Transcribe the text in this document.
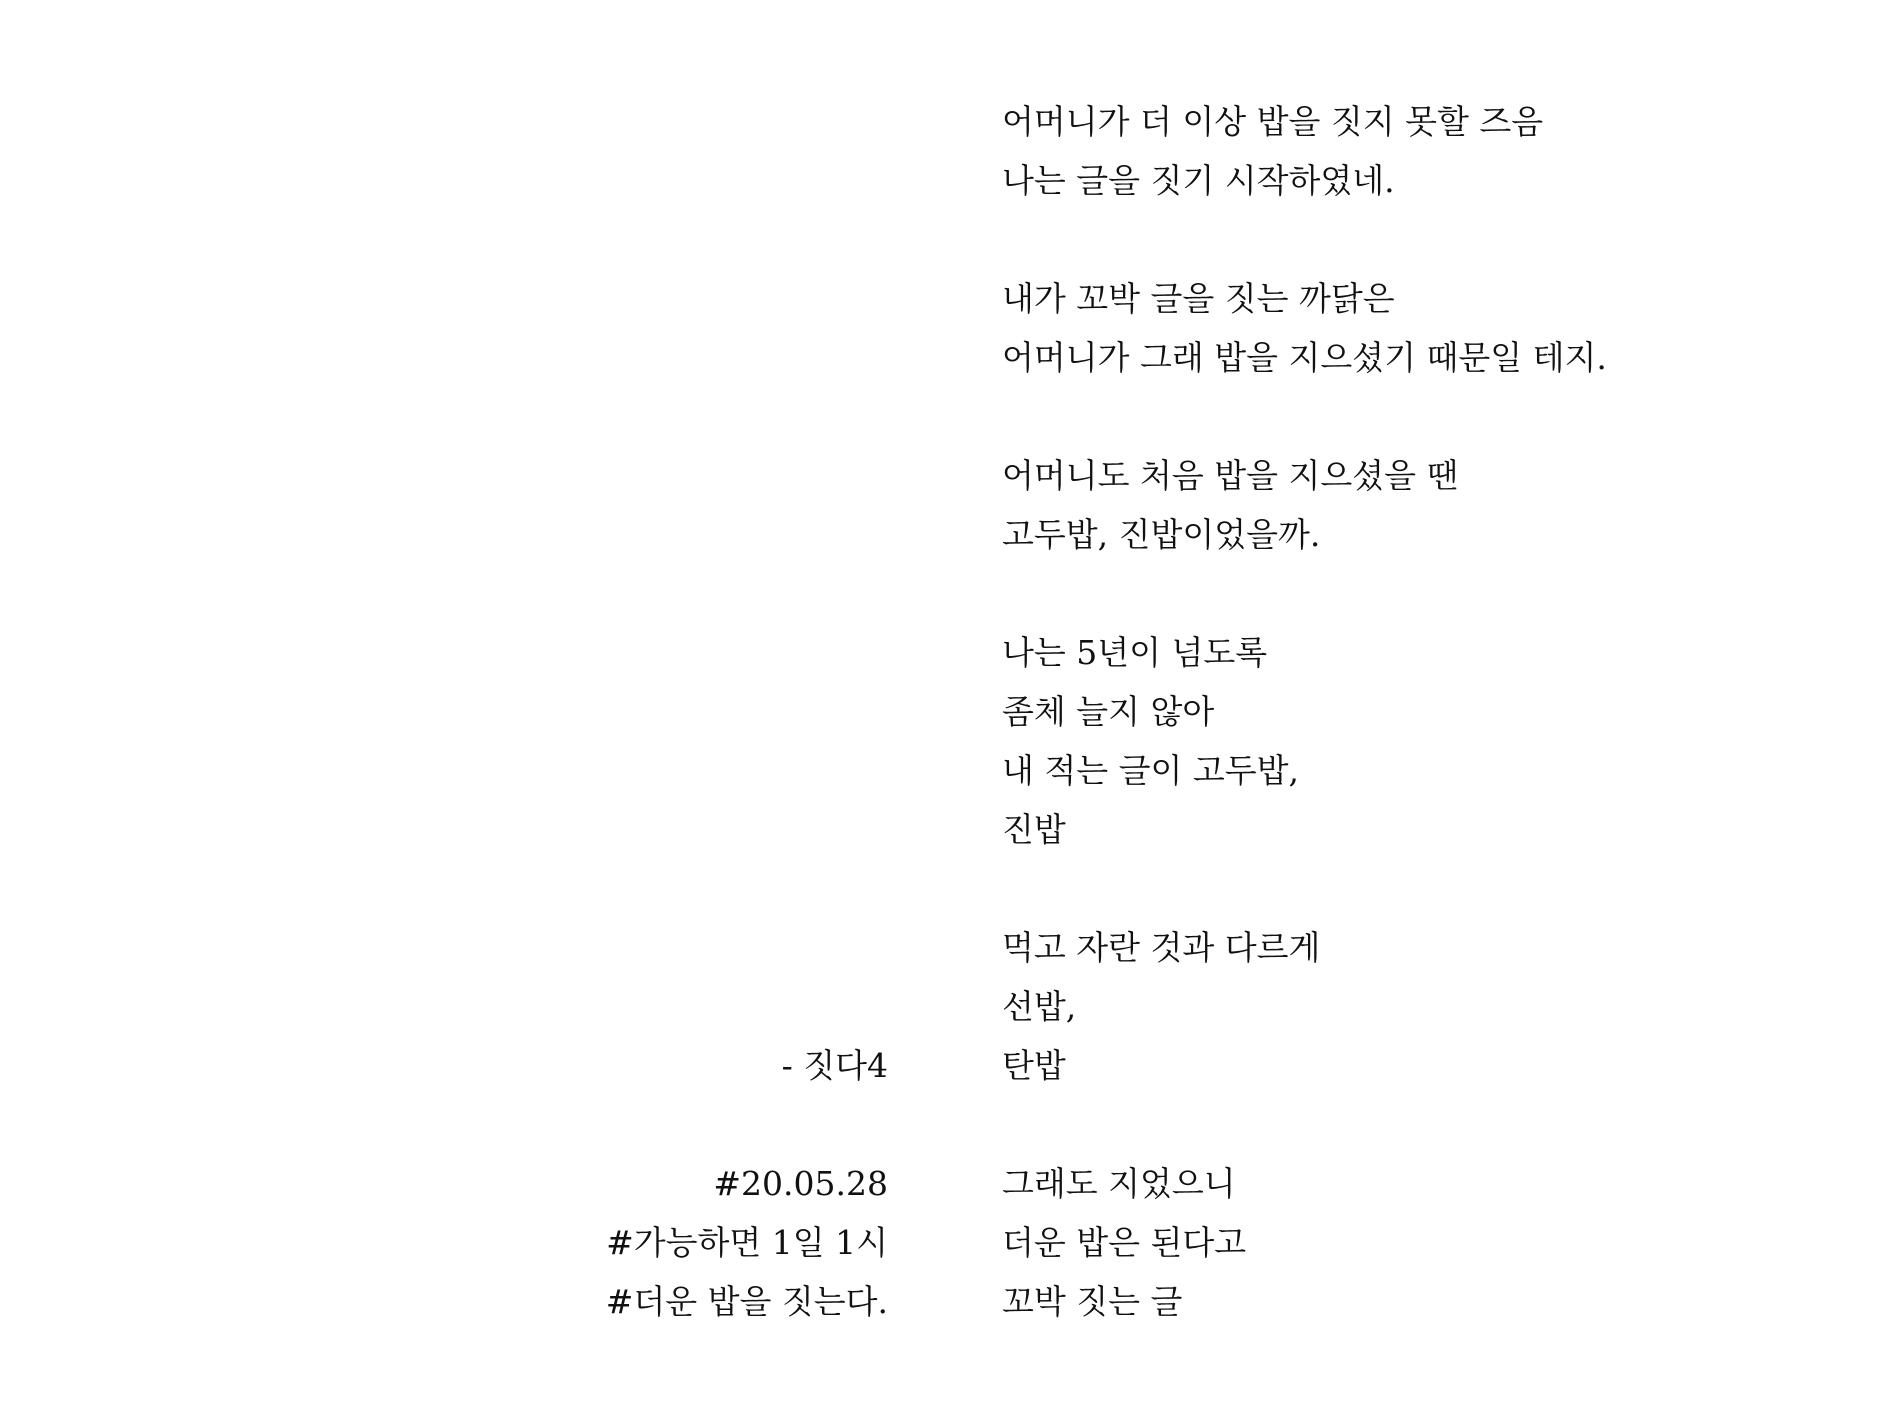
- 짓다4
#20.05.28
#가능하면 1일 1시
#더운 밥을 짓는다.
어머니가 더 이상 밥을 짓지 못할 즈음
나는 글을 짓기 시작하였네.
내가 꼬박 글을 짓는 까닭은
어머니가 그래 밥을 지으셨기 때문일 테지.
어머니도 처음 밥을 지으셨을 땐
고두밥, 진밥이었을까.
나는 5년이 넘도록
좀체 늘지 않아
내 적는 글이 고두밥,
진밥
먹고 자란 것과 다르게
선밥,
탄밥
그래도 지었으니
더운 밥은 된다고
꼬박 짓는 글
